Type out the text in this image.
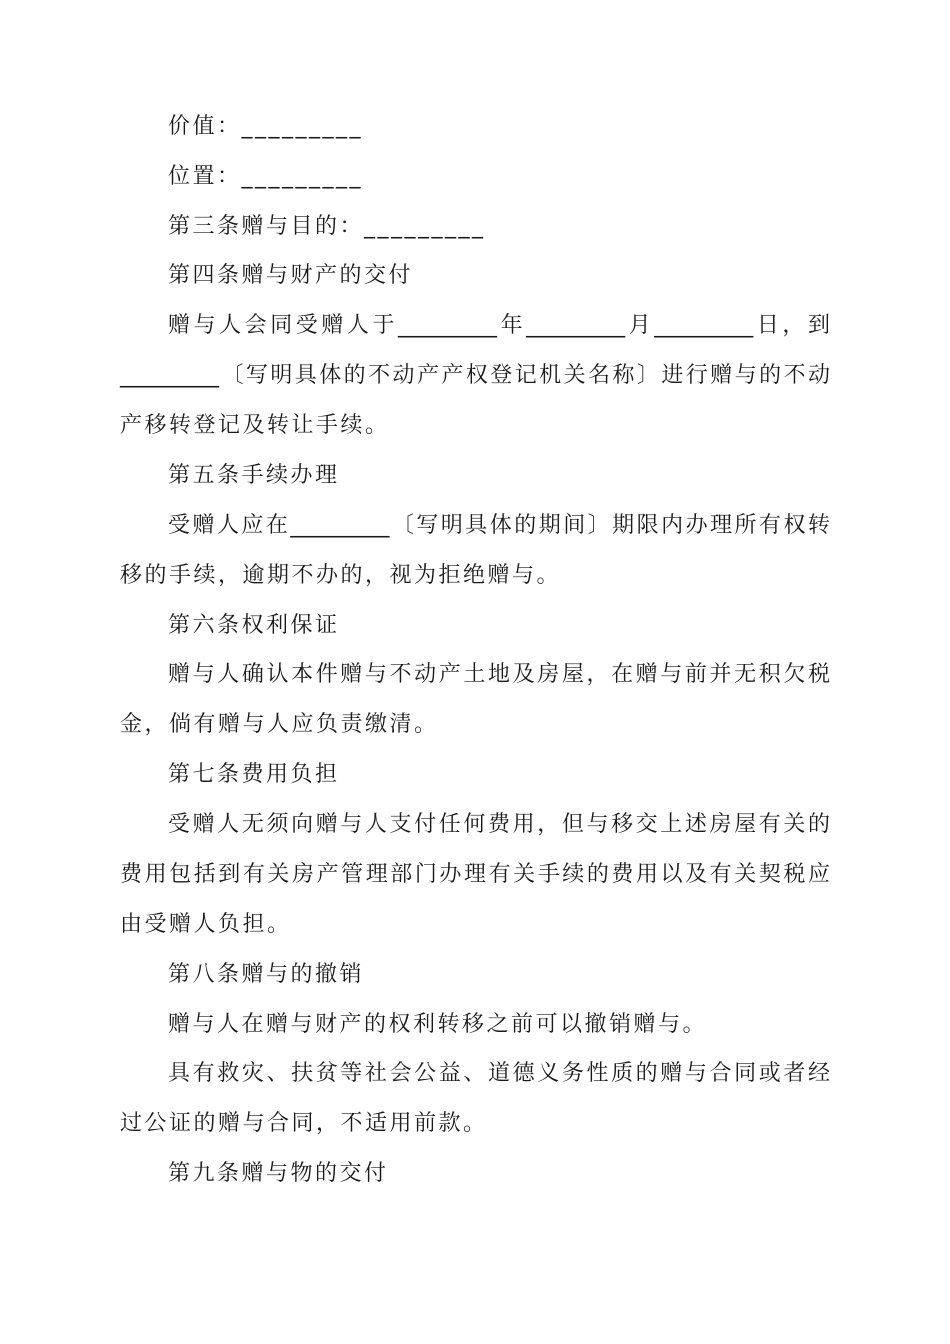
价值：_________
位置：_________
第三条赠与目的：_________
第四条赠与财产的交付
赠与人会同受赠人于_________年_________月_________日，到
_________〔写明具体的不动产产权登记机关名称〕进行赠与的不动
产移转登记及转让手续。
第五条手续办理
受赠人应在_________〔写明具体的期间〕期限内办理所有权转
移的手续，逾期不办的，视为拒绝赠与。
第六条权利保证
赠与人确认本件赠与不动产土地及房屋，在赠与前并无积欠税
金，倘有赠与人应负责缴清。
第七条费用负担
受赠人无须向赠与人支付任何费用，但与移交上述房屋有关的
费用包括到有关房产管理部门办理有关手续的费用以及有关契税应
由受赠人负担。
第八条赠与的撤销
赠与人在赠与财产的权利转移之前可以撤销赠与。
具有救灾、扶贫等社会公益、道德义务性质的赠与合同或者经
过公证的赠与合同，不适用前款。
第九条赠与物的交付
